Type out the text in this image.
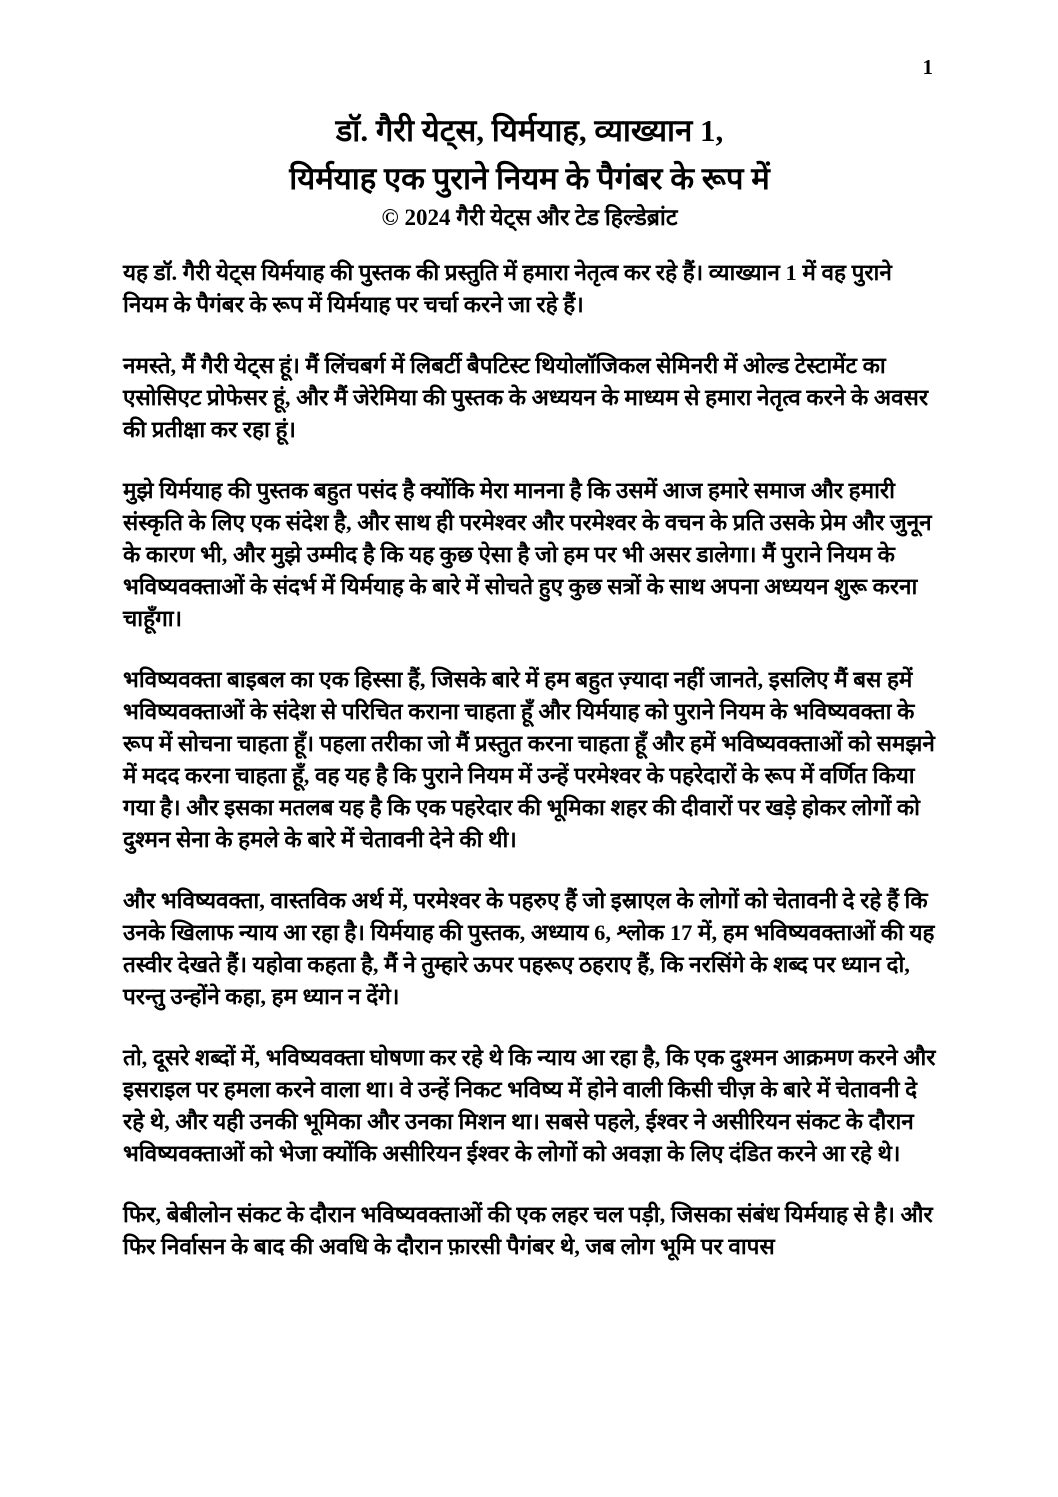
1
डॉ. गैरी येट्स, यिर्मयाह, व्याख्यान 1,
यिर्मयाह एक पुराने नियम के पैगंबर के रूप में
© 2024 गैरी येट्स और टेड हिल्डेब्रांट

यह डॉ. गैरी येट्स यिर्मयाह की पुस्तक की प्रस्तुति में हमारा नेतृत्व कर रहे हैं। व्याख्यान 1 में वह पुराने नियम के पैगंबर के रूप में यिर्मयाह पर चर्चा करने जा रहे हैं।

नमस्ते, मैं गैरी येट्स हूं। मैं लिंचबर्ग में लिबर्टी बैपटिस्ट थियोलॉजिकल सेमिनरी में ओल्ड टेस्टामेंट का एसोसिएट प्रोफेसर हूं, और मैं जेरेमिया की पुस्तक के अध्ययन के माध्यम से हमारा नेतृत्व करने के अवसर की प्रतीक्षा कर रहा हूं।

मुझे यिर्मयाह की पुस्तक बहुत पसंद है क्योंकि मेरा मानना है कि उसमें आज हमारे समाज और हमारी संस्कृति के लिए एक संदेश है, और साथ ही परमेश्वर और परमेश्वर के वचन के प्रति उसके प्रेम और जुनून के कारण भी, और मुझे उम्मीद है कि यह कुछ ऐसा है जो हम पर भी असर डालेगा। मैं पुराने नियम के भविष्यवक्ताओं के संदर्भ में यिर्मयाह के बारे में सोचते हुए कुछ सत्रों के साथ अपना अध्ययन शुरू करना चाहूँगा।

भविष्यवक्ता बाइबल का एक हिस्सा हैं, जिसके बारे में हम बहुत ज़्यादा नहीं जानते, इसलिए मैं बस हमें भविष्यवक्ताओं के संदेश से परिचित कराना चाहता हूँ और यिर्मयाह को पुराने नियम के भविष्यवक्ता के रूप में सोचना चाहता हूँ। पहला तरीका जो मैं प्रस्तुत करना चाहता हूँ और हमें भविष्यवक्ताओं को समझने में मदद करना चाहता हूँ, वह यह है कि पुराने नियम में उन्हें परमेश्वर के पहरेदारों के रूप में वर्णित किया गया है। और इसका मतलब यह है कि एक पहरेदार की भूमिका शहर की दीवारों पर खड़े होकर लोगों को दुश्मन सेना के हमले के बारे में चेतावनी देने की थी।

और भविष्यवक्ता, वास्तविक अर्थ में, परमेश्वर के पहरुए हैं जो इस्राएल के लोगों को चेतावनी दे रहे हैं कि उनके खिलाफ न्याय आ रहा है। यिर्मयाह की पुस्तक, अध्याय 6, श्लोक 17 में, हम भविष्यवक्ताओं की यह तस्वीर देखते हैं। यहोवा कहता है, मैं ने तुम्हारे ऊपर पहरूए ठहराए हैं, कि नरसिंगे के शब्द पर ध्यान दो, परन्तु उन्होंने कहा, हम ध्यान न देंगे।

तो, दूसरे शब्दों में, भविष्यवक्ता घोषणा कर रहे थे कि न्याय आ रहा है, कि एक दुश्मन आक्रमण करने और इसराइल पर हमला करने वाला था। वे उन्हें निकट भविष्य में होने वाली किसी चीज़ के बारे में चेतावनी दे रहे थे, और यही उनकी भूमिका और उनका मिशन था। सबसे पहले, ईश्वर ने असीरियन संकट के दौरान भविष्यवक्ताओं को भेजा क्योंकि असीरियन ईश्वर के लोगों को अवज्ञा के लिए दंडित करने आ रहे थे।

फिर, बेबीलोन संकट के दौरान भविष्यवक्ताओं की एक लहर चल पड़ी, जिसका संबंध यिर्मयाह से है। और फिर निर्वासन के बाद की अवधि के दौरान फ़ारसी पैगंबर थे, जब लोग भूमि पर वापस
